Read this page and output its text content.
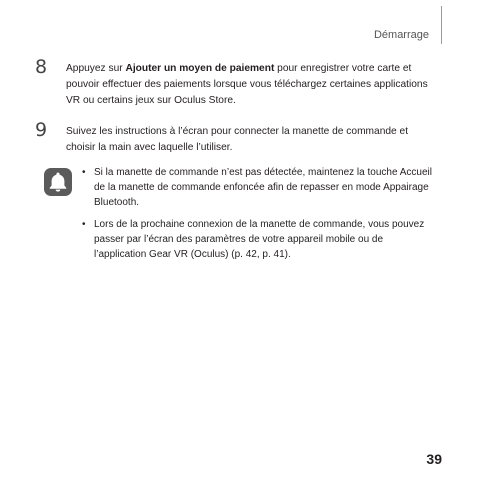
Démarrage
8 Appuyez sur Ajouter un moyen de paiement pour enregistrer votre carte et pouvoir effectuer des paiements lorsque vous téléchargez certaines applications VR ou certains jeux sur Oculus Store.
9 Suivez les instructions à l’écran pour connecter la manette de commande et choisir la main avec laquelle l’utiliser.
• Si la manette de commande n’est pas détectée, maintenez la touche Accueil de la manette de commande enfoncée afin de repasser en mode Appairage Bluetooth.
• Lors de la prochaine connexion de la manette de commande, vous pouvez passer par l’écran des paramètres de votre appareil mobile ou de l’application Gear VR (Oculus) (p. 42, p. 41).
39
